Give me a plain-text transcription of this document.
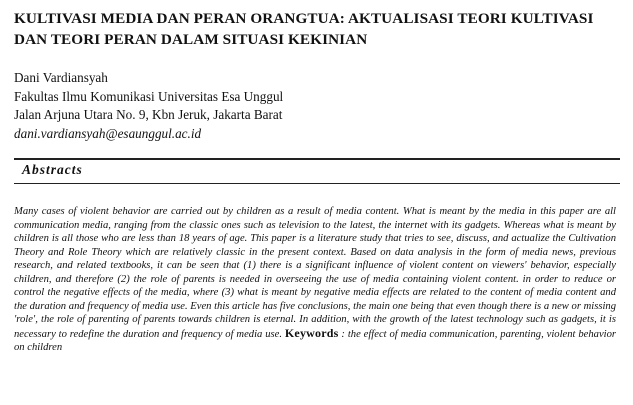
KULTIVASI MEDIA DAN PERAN ORANGTUA: AKTUALISASI TEORI KULTIVASI DAN TEORI PERAN DALAM SITUASI KEKINIAN
Dani Vardiansyah
Fakultas Ilmu Komunikasi Universitas Esa Unggul
Jalan Arjuna Utara No. 9, Kbn Jeruk, Jakarta Barat
dani.vardiansyah@esaunggul.ac.id
Abstracts
Many cases of violent behavior are carried out by children as a result of media content. What is meant by the media in this paper are all communication media, ranging from the classic ones such as television to the latest, the internet with its gadgets. Whereas what is meant by children is all those who are less than 18 years of age. This paper is a literature study that tries to see, discuss, and actualize the Cultivation Theory and Role Theory which are relatively classic in the present context. Based on data analysis in the form of media news, previous research, and related textbooks, it can be seen that (1) there is a significant influence of violent content on viewers' behavior, especially children, and therefore (2) the role of parents is needed in overseeing the use of media containing violent content. in order to reduce or control the negative effects of the media, where (3) what is meant by negative media effects are related to the content of media content and the duration and frequency of media use. Even this article has five conclusions, the main one being that even though there is a new or missing 'role', the role of parenting of parents towards children is eternal. In addition, with the growth of the latest technology such as gadgets, it is necessary to redefine the duration and frequency of media use. Keywords : the effect of media communication, parenting, violent behavior on children
